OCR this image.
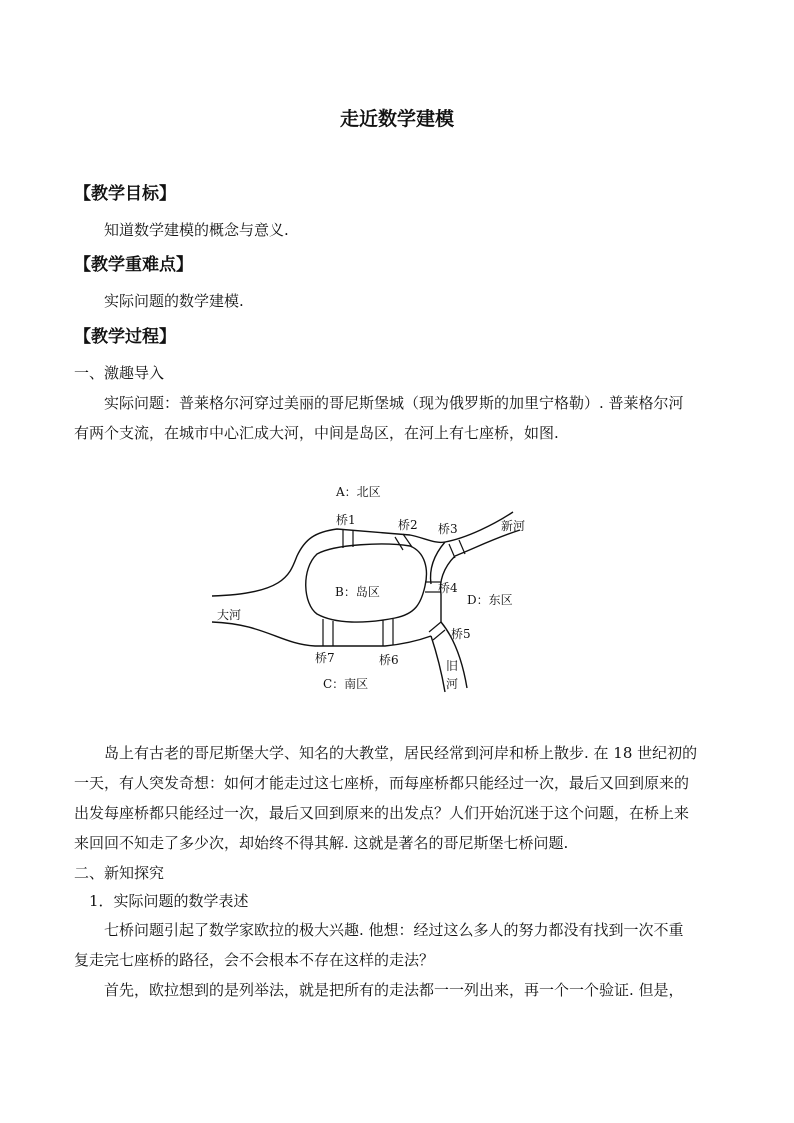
走近数学建模
【教学目标】
知道数学建模的概念与意义.
【教学重难点】
实际问题的数学建模.
【教学过程】
一、激趣导入
实际问题：普莱格尔河穿过美丽的哥尼斯堡城（现为俄罗斯的加里宁格勒）. 普莱格尔河
有两个支流，在城市中心汇成大河，中间是岛区，在河上有七座桥，如图.
A：北区
B：岛区
C：南区
D：东区
大河
新河
旧
河
桥1	桥2 桥3
桥4
桥5
桥6
桥7
岛上有古老的哥尼斯堡大学、知名的大教堂，居民经常到河岸和桥上散步. 在 18 世纪初的
一天，有人突发奇想：如何才能走过这七座桥，而每座桥都只能经过一次，最后又回到原来的
出发每座桥都只能经过一次，最后又回到原来的出发点？人们开始沉迷于这个问题，在桥上来
来回回不知走了多少次，却始终不得其解. 这就是著名的哥尼斯堡七桥问题.
二、新知探究
1．实际问题的数学表述
七桥问题引起了数学家欧拉的极大兴趣. 他想：经过这么多人的努力都没有找到一次不重
复走完七座桥的路径，会不会根本不存在这样的走法？
首先，欧拉想到的是列举法，就是把所有的走法都一一列出来，再一个一个验证. 但是，
